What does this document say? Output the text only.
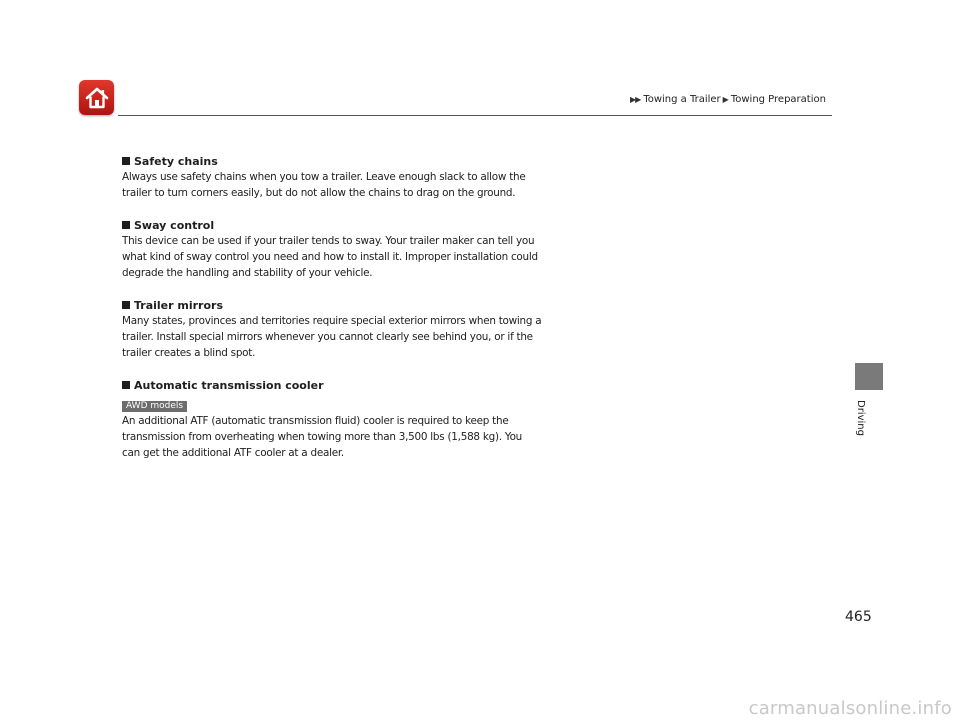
▶▶ Towing a Trailer ▶ Towing Preparation
Safety chains
Always use safety chains when you tow a trailer. Leave enough slack to allow the
trailer to turn corners easily, but do not allow the chains to drag on the ground.
Sway control
This device can be used if your trailer tends to sway. Your trailer maker can tell you
what kind of sway control you need and how to install it. Improper installation could
degrade the handling and stability of your vehicle.
Trailer mirrors
Many states, provinces and territories require special exterior mirrors when towing a
trailer. Install special mirrors whenever you cannot clearly see behind you, or if the
trailer creates a blind spot.
Automatic transmission cooler
AWD models
An additional ATF (automatic transmission fluid) cooler is required to keep the
transmission from overheating when towing more than 3,500 lbs (1,588 kg). You
can get the additional ATF cooler at a dealer.
Driving
465
carmanualsonline.info
